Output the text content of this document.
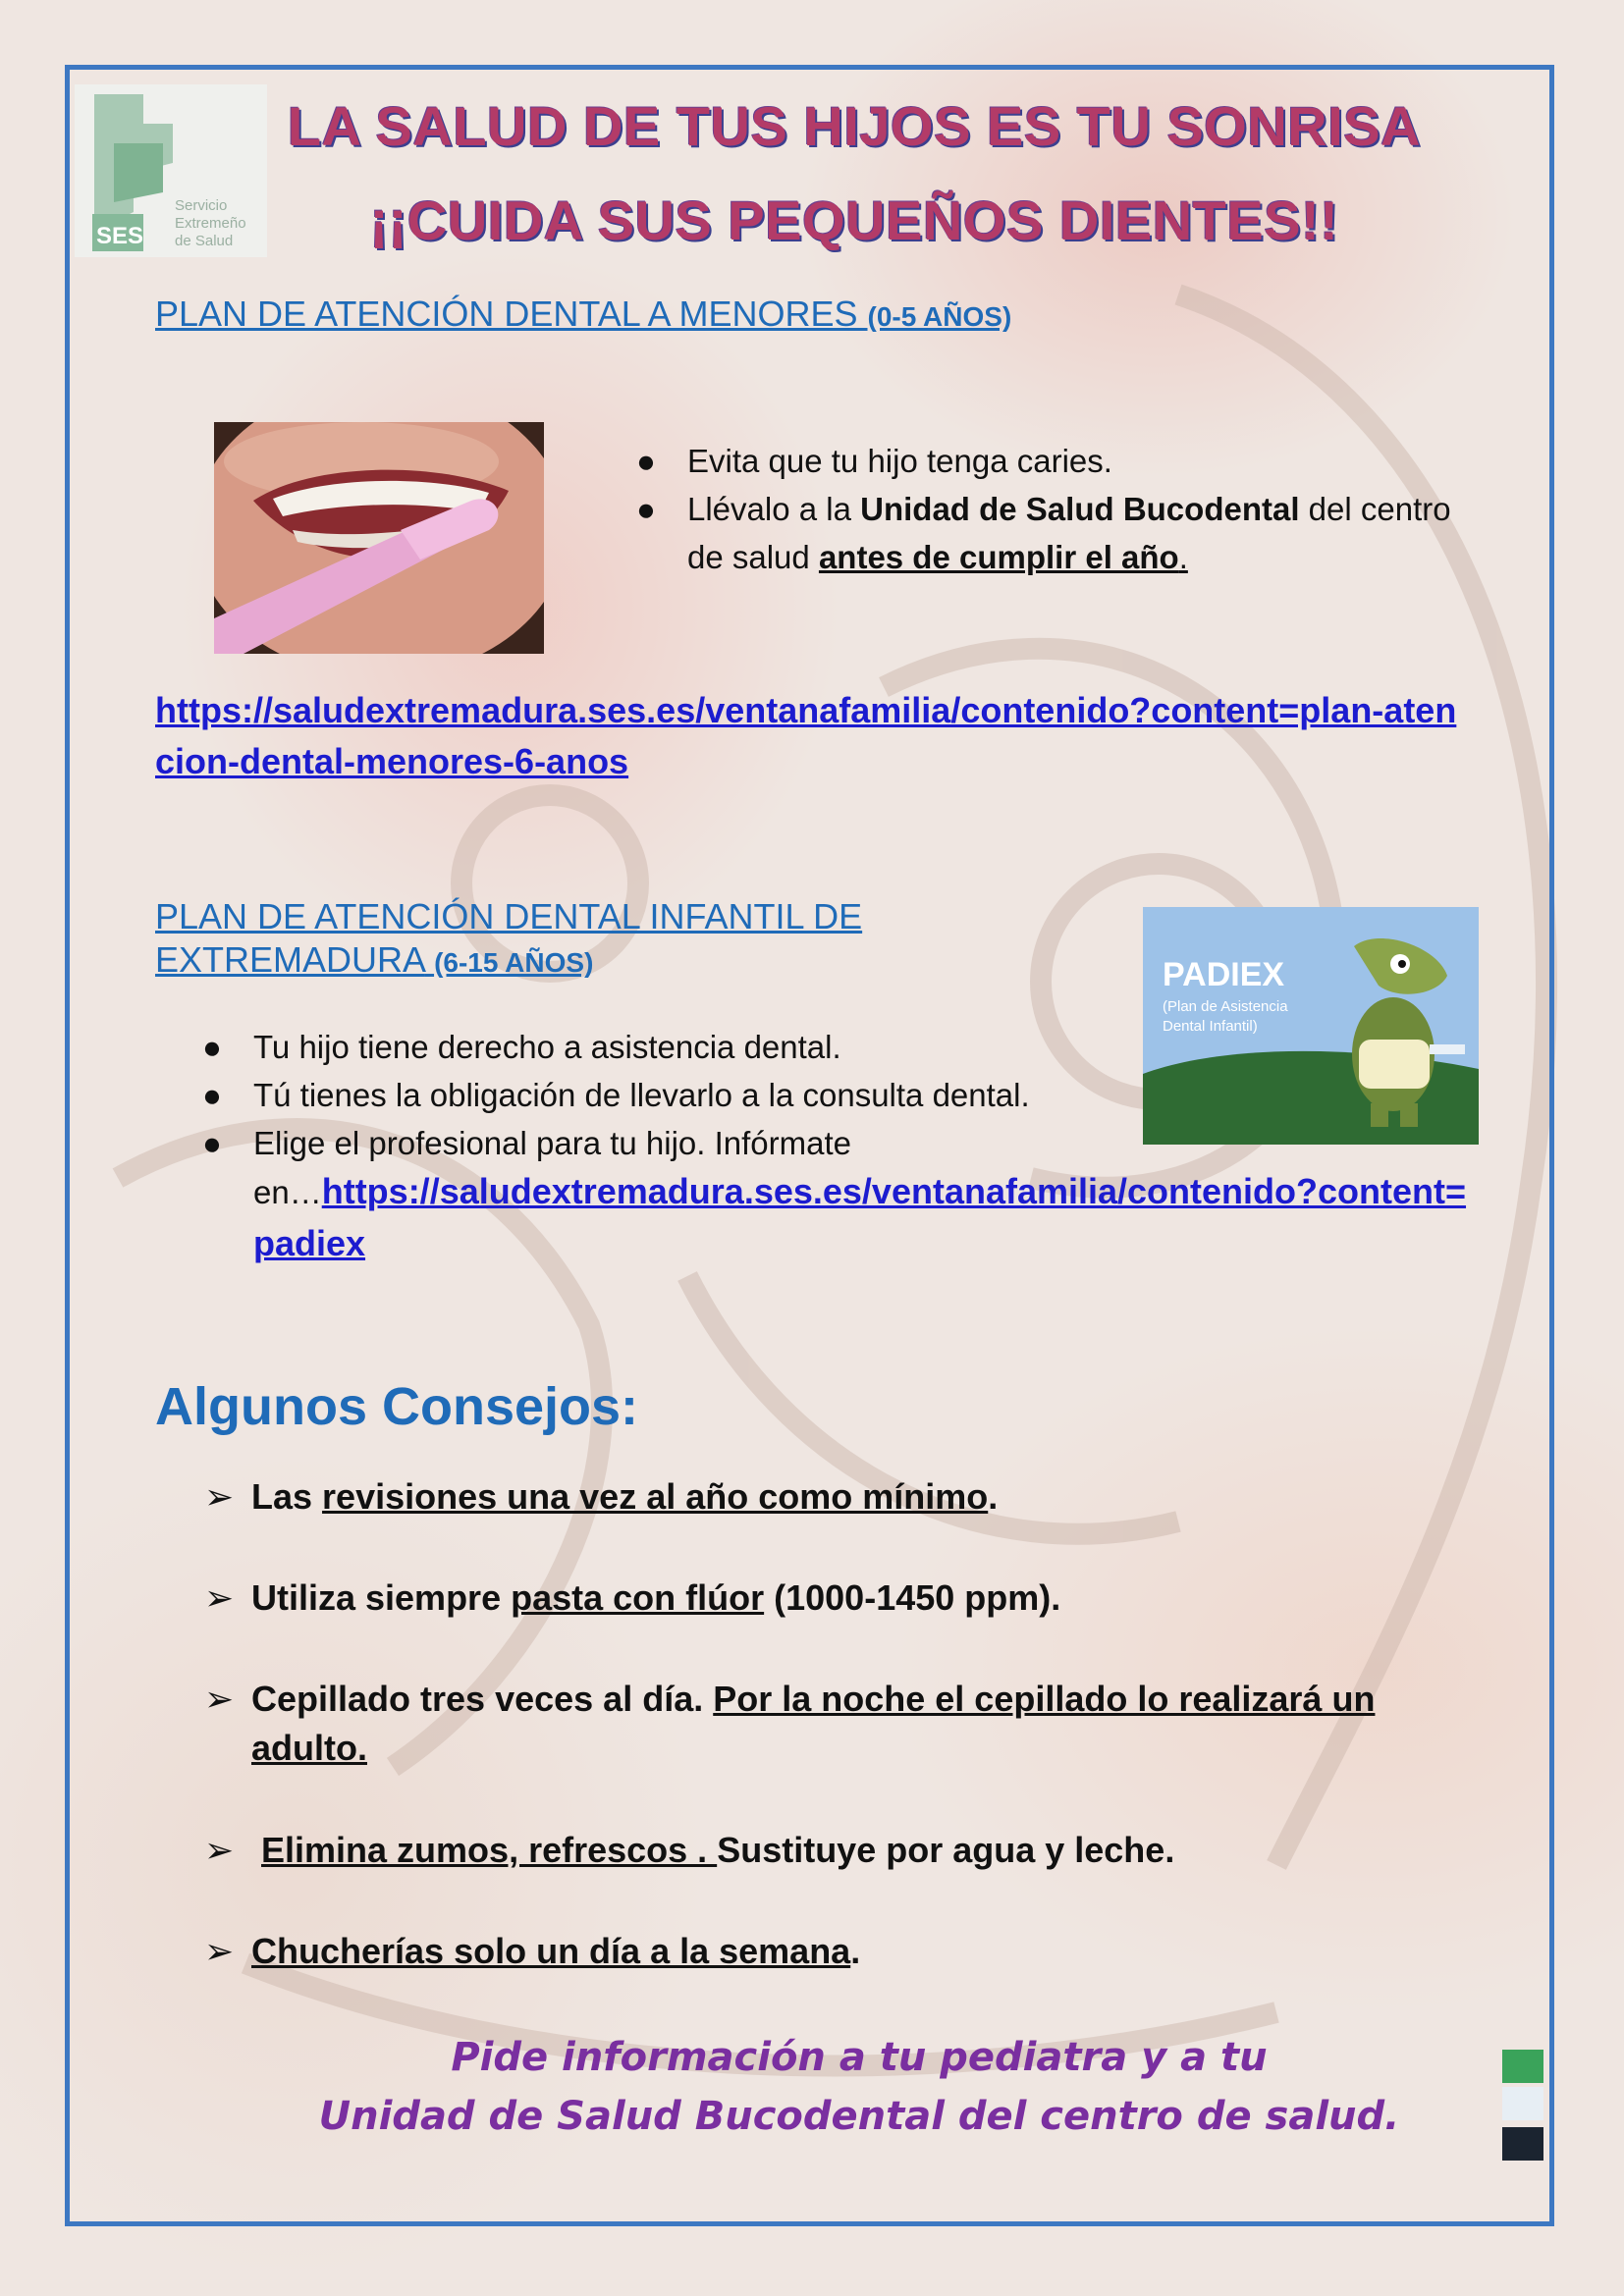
SES
Servicio
Extremeño
de Salud
LA SALUD DE TUS HIJOS ES TU SONRISA
¡¡CUIDA SUS PEQUEÑOS DIENTES!!
PLAN DE ATENCIÓN DENTAL A MENORES (0-5 AÑOS)
● Evita que tu hijo tenga caries.
● Llévalo a la Unidad de Salud Bucodental del centro de salud antes de cumplir el año.
https://saludextremadura.ses.es/ventanafamilia/contenido?content=plan-atencion-dental-menores-6-anos
PLAN DE ATENCIÓN DENTAL INFANTIL DE
EXTREMADURA (6-15 AÑOS)	PADIEX
(Plan de Asistencia
Dental Infantil)
● Tu hijo tiene derecho a asistencia dental.
● Tú tienes la obligación de llevarlo a la consulta dental.
● Elige el profesional para tu hijo. Infórmate
en…https://saludextremadura.ses.es/ventanafamilia/contenido?content=padiex
Algunos Consejos:
➢ Las revisiones una vez al año como mínimo.
➢ Utiliza siempre pasta con flúor (1000-1450 ppm).
➢ Cepillado tres veces al día. Por la noche el cepillado lo realizará un adulto.
➢ Elimina zumos, refrescos . Sustituye por agua y leche.
➢ Chucherías solo un día a la semana.
Pide información a tu pediatra y a tu
Unidad de Salud Bucodental del centro de salud.
